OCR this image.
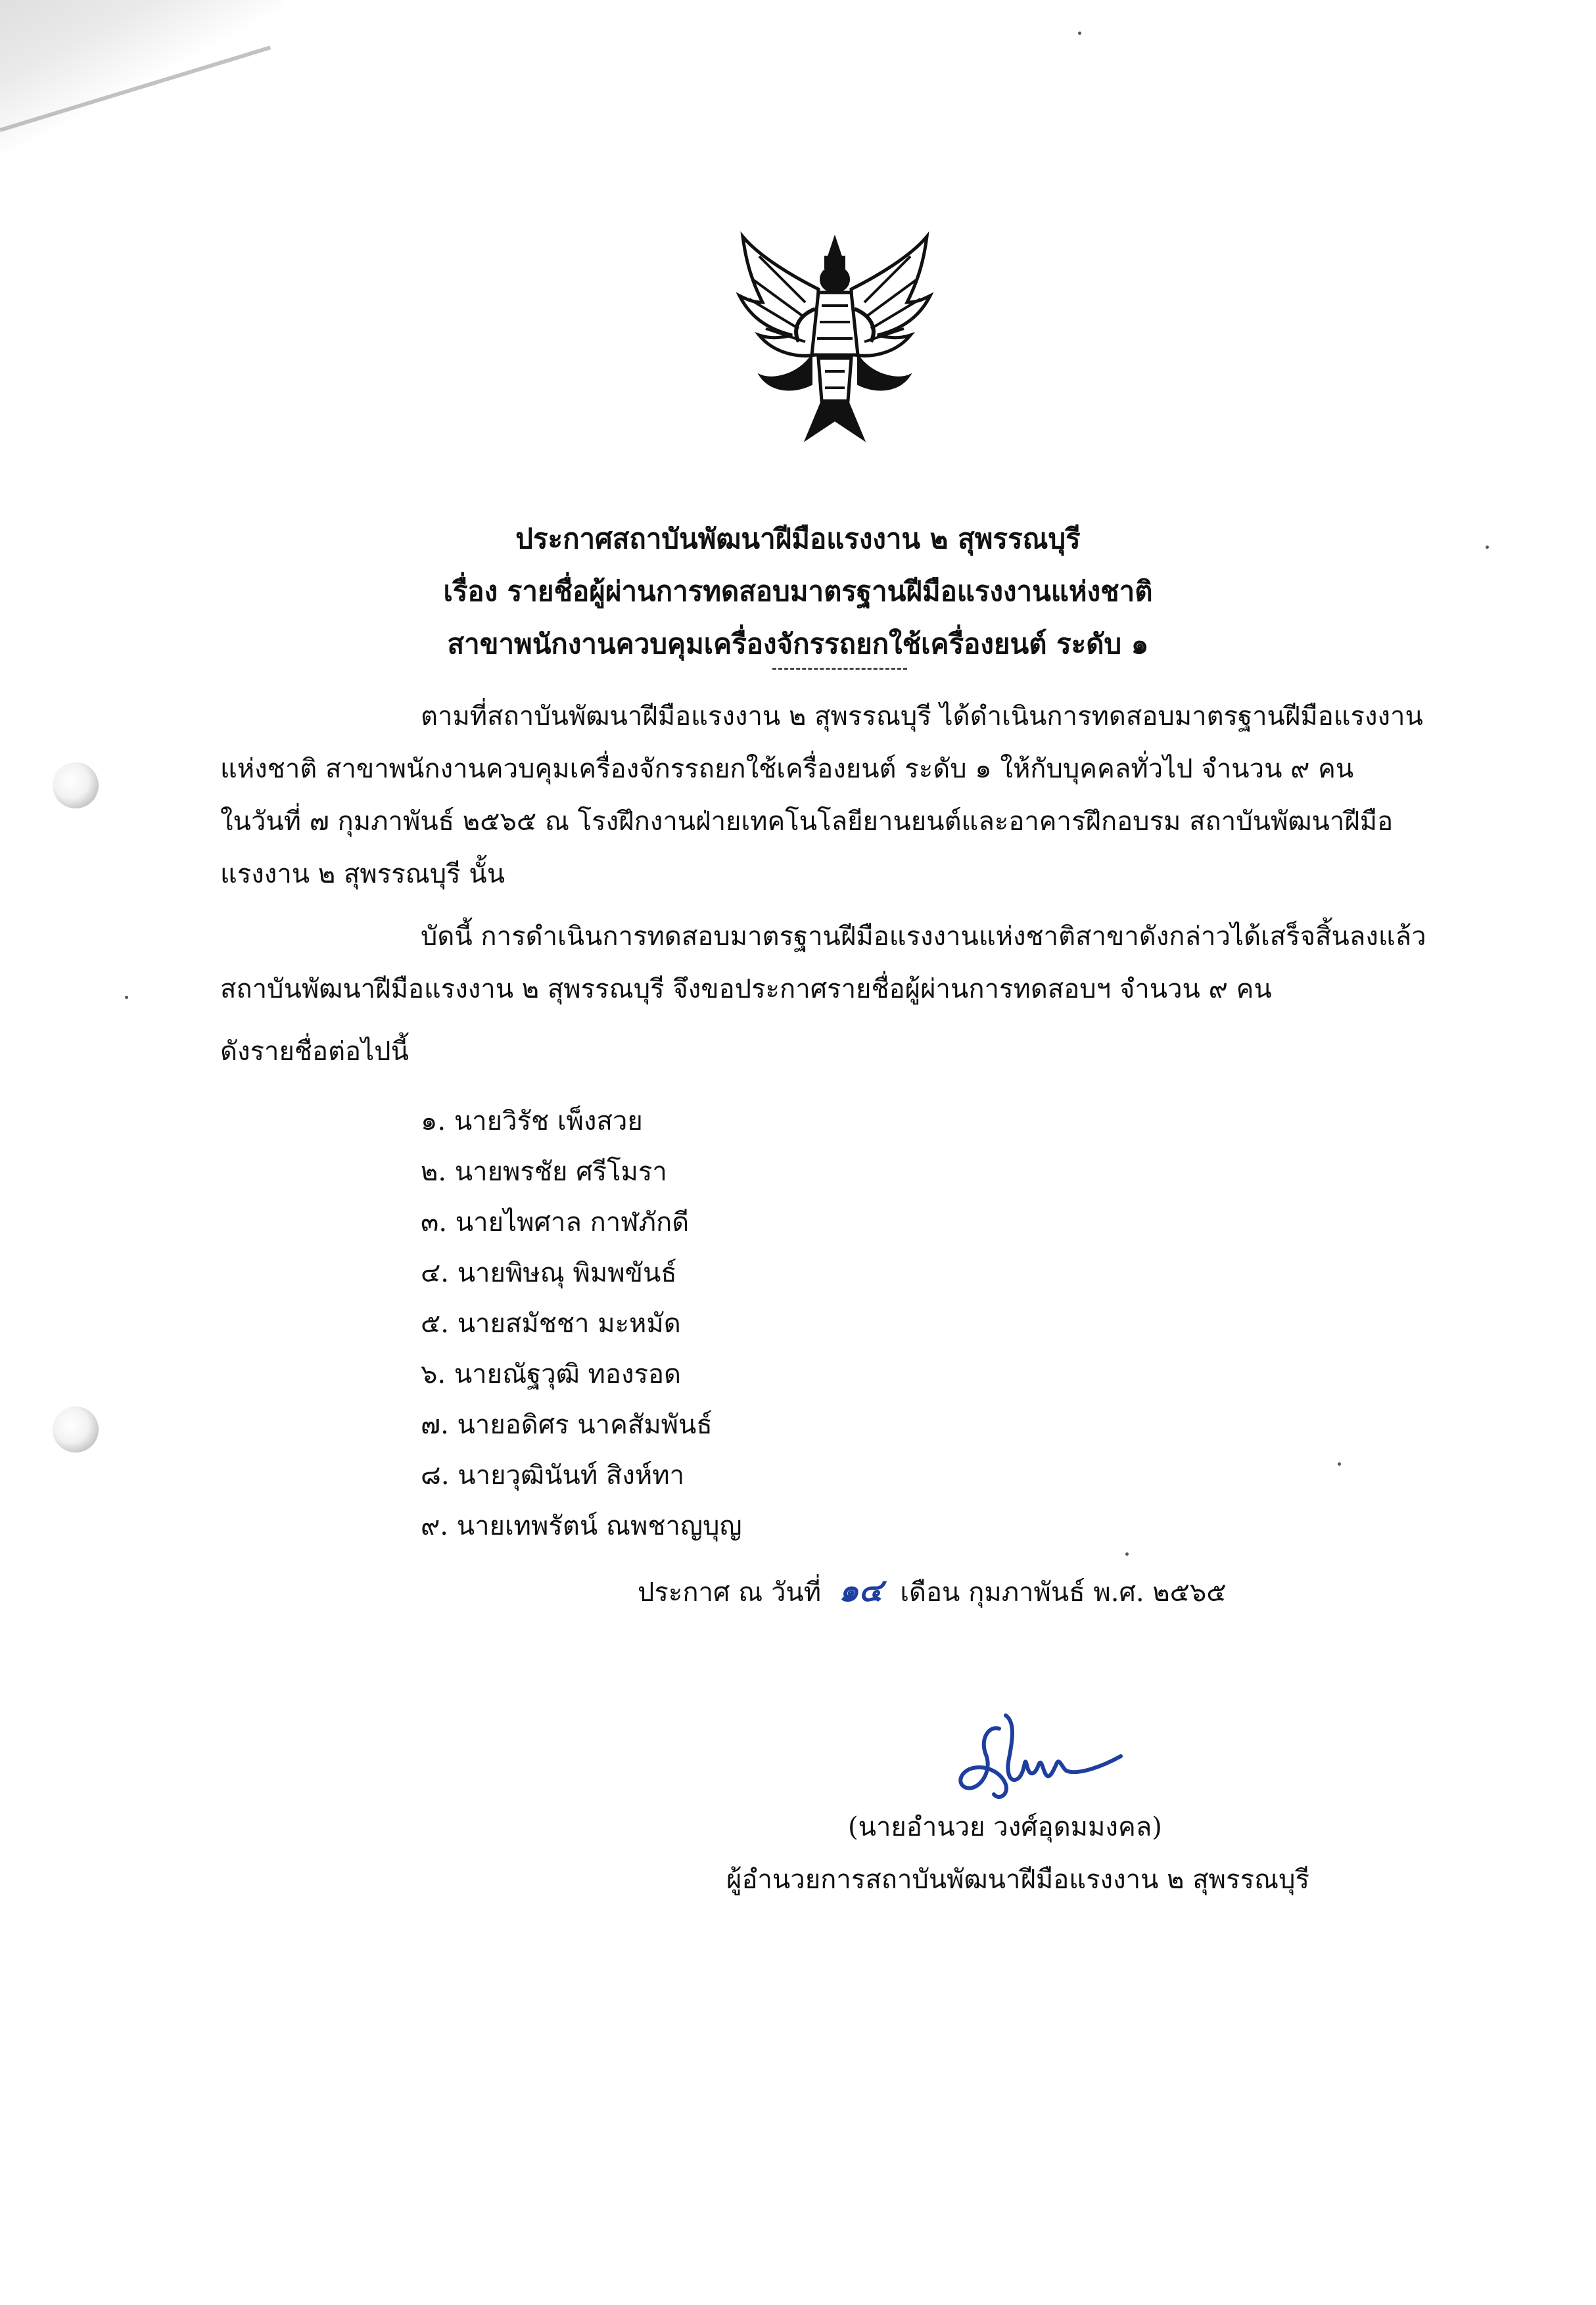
ประกาศสถาบันพัฒนาฝีมือแรงงาน ๒ สุพรรณบุรี
เรื่อง รายชื่อผู้ผ่านการทดสอบมาตรฐานฝีมือแรงงานแห่งชาติ
สาขาพนักงานควบคุมเครื่องจักรรถยกใช้เครื่องยนต์ ระดับ ๑
ตามที่สถาบันพัฒนาฝีมือแรงงาน ๒ สุพรรณบุรี ได้ดำเนินการทดสอบมาตรฐานฝีมือแรงงาน
แห่งชาติ สาขาพนักงานควบคุมเครื่องจักรรถยกใช้เครื่องยนต์ ระดับ ๑ ให้กับบุคคลทั่วไป จำนวน ๙ คน
ในวันที่ ๗ กุมภาพันธ์ ๒๕๖๕ ณ โรงฝึกงานฝ่ายเทคโนโลยียานยนต์และอาคารฝึกอบรม สถาบันพัฒนาฝีมือ
แรงงาน ๒ สุพรรณบุรี นั้น
บัดนี้ การดำเนินการทดสอบมาตรฐานฝีมือแรงงานแห่งชาติสาขาดังกล่าวได้เสร็จสิ้นลงแล้ว
สถาบันพัฒนาฝีมือแรงงาน ๒ สุพรรณบุรี จึงขอประกาศรายชื่อผู้ผ่านการทดสอบฯ จำนวน ๙ คน
ดังรายชื่อต่อไปนี้
๑. นายวิรัช เพ็งสวย
๒. นายพรชัย ศรีโมรา
๓. นายไพศาล กาฬภักดี
๔. นายพิษณุ พิมพขันธ์
๕. นายสมัชชา มะหมัด
๖. นายณัฐวุฒิ ทองรอด
๗. นายอดิศร นาคสัมพันธ์
๘. นายวุฒินันท์ สิงห์ทา
๙. นายเทพรัตน์ ณพชาญบุญ
ประกาศ ณ วันที่ ๑๔ เดือน กุมภาพันธ์ พ.ศ. ๒๕๖๕
(นายอำนวย วงศ์อุดมมงคล)
ผู้อำนวยการสถาบันพัฒนาฝีมือแรงงาน ๒ สุพรรณบุรี
